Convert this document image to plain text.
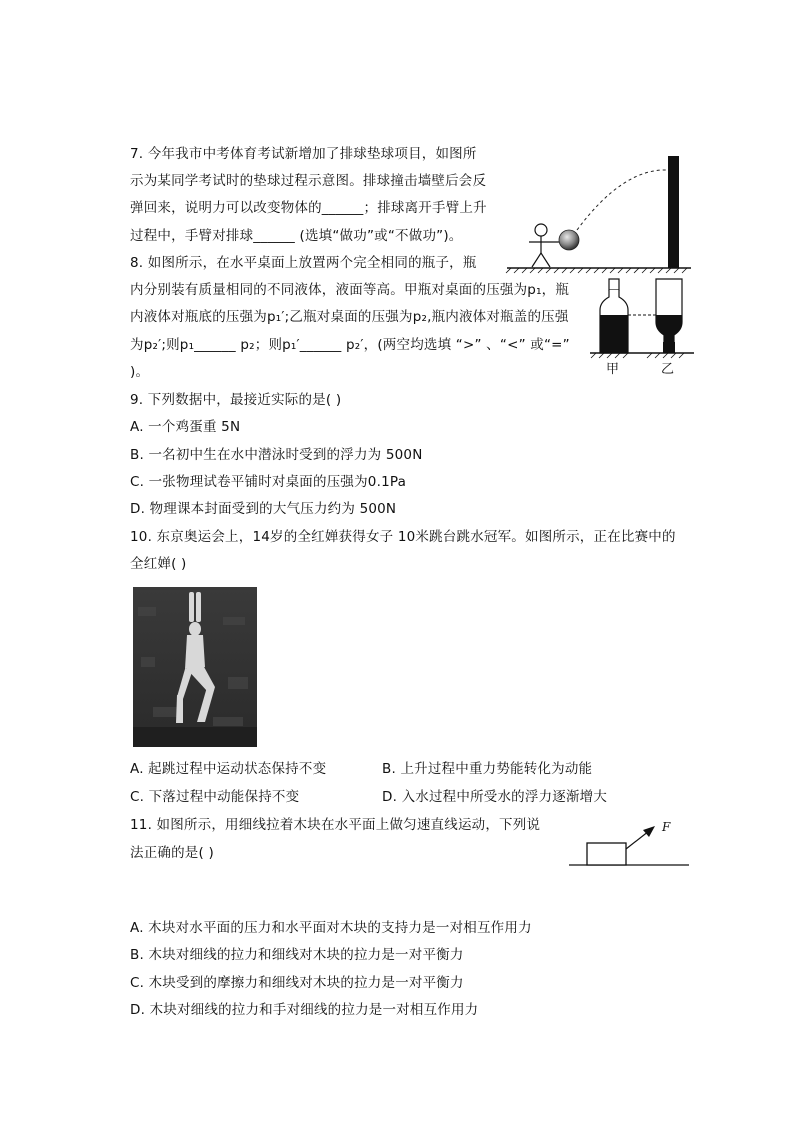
7. 今年我市中考体育考试新增加了排球垫球项目，如图所
示为某同学考试时的垫球过程示意图。排球撞击墙壁后会反
弹回来，说明力可以改变物体的______；排球离开手臂上升
过程中，手臂对排球______ (选填“做功”或“不做功”)。
8. 如图所示，在水平桌面上放置两个完全相同的瓶子，瓶
内分别装有质量相同的不同液体，液面等高。甲瓶对桌面的压强为p₁，瓶
内液体对瓶底的压强为p₁′;乙瓶对桌面的压强为p₂,瓶内液体对瓶盖的压强
为p₂′;则p₁______ p₂；则p₁′______ p₂′，(两空均选填 “>” 、“<” 或“=”
)。	甲	乙
9. 下列数据中，最接近实际的是( )
A. 一个鸡蛋重 5N
B. 一名初中生在水中潜泳时受到的浮力为 500N
C. 一张物理试卷平铺时对桌面的压强为0.1Pa
D. 物理课本封面受到的大气压力约为 500N
10. 东京奥运会上，14岁的全红婵获得女子 10米跳台跳水冠军。如图所示，正在比赛中的
全红婵( )
A. 起跳过程中运动状态保持不变	B. 上升过程中重力势能转化为动能
C. 下落过程中动能保持不变	D. 入水过程中所受水的浮力逐渐增大
11. 如图所示，用细线拉着木块在水平面上做匀速直线运动，下列说
法正确的是( )
F
A. 木块对水平面的压力和水平面对木块的支持力是一对相互作用力
B. 木块对细线的拉力和细线对木块的拉力是一对平衡力
C. 木块受到的摩擦力和细线对木块的拉力是一对平衡力
D. 木块对细线的拉力和手对细线的拉力是一对相互作用力
